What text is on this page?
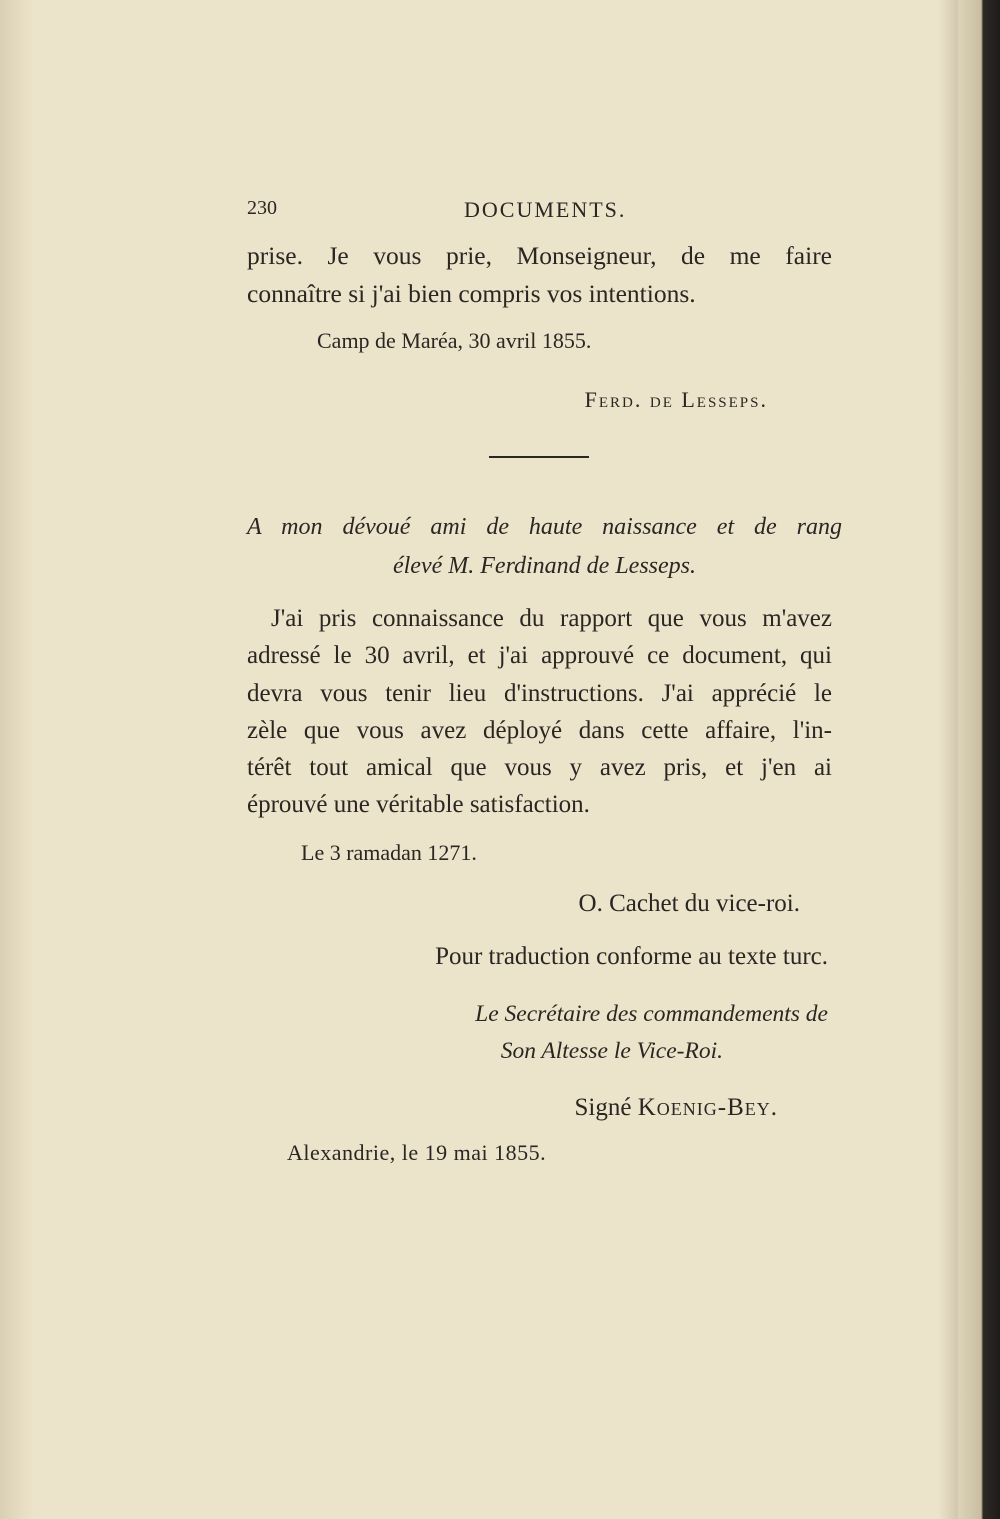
230	DOCUMENTS.
prise. Je vous prie, Monseigneur, de me faire
connaître si j'ai bien compris vos intentions.
Camp de Maréa, 30 avril 1855.
Ferd. de Lesseps.
A mon dévoué ami de haute naissance et de rang
élevé M. Ferdinand de Lesseps.
J'ai pris connaissance du rapport que vous m'avez
adressé le 30 avril, et j'ai approuvé ce document, qui
devra vous tenir lieu d'instructions. J'ai apprécié le
zèle que vous avez déployé dans cette affaire, l'in-
térêt tout amical que vous y avez pris, et j'en ai
éprouvé une véritable satisfaction.
Le 3 ramadan 1271.
O. Cachet du vice-roi.
Pour traduction conforme au texte turc.
Le Secrétaire des commandements de
Son Altesse le Vice-Roi.
Signé Koenig-Bey.
Alexandrie, le 19 mai 1855.
